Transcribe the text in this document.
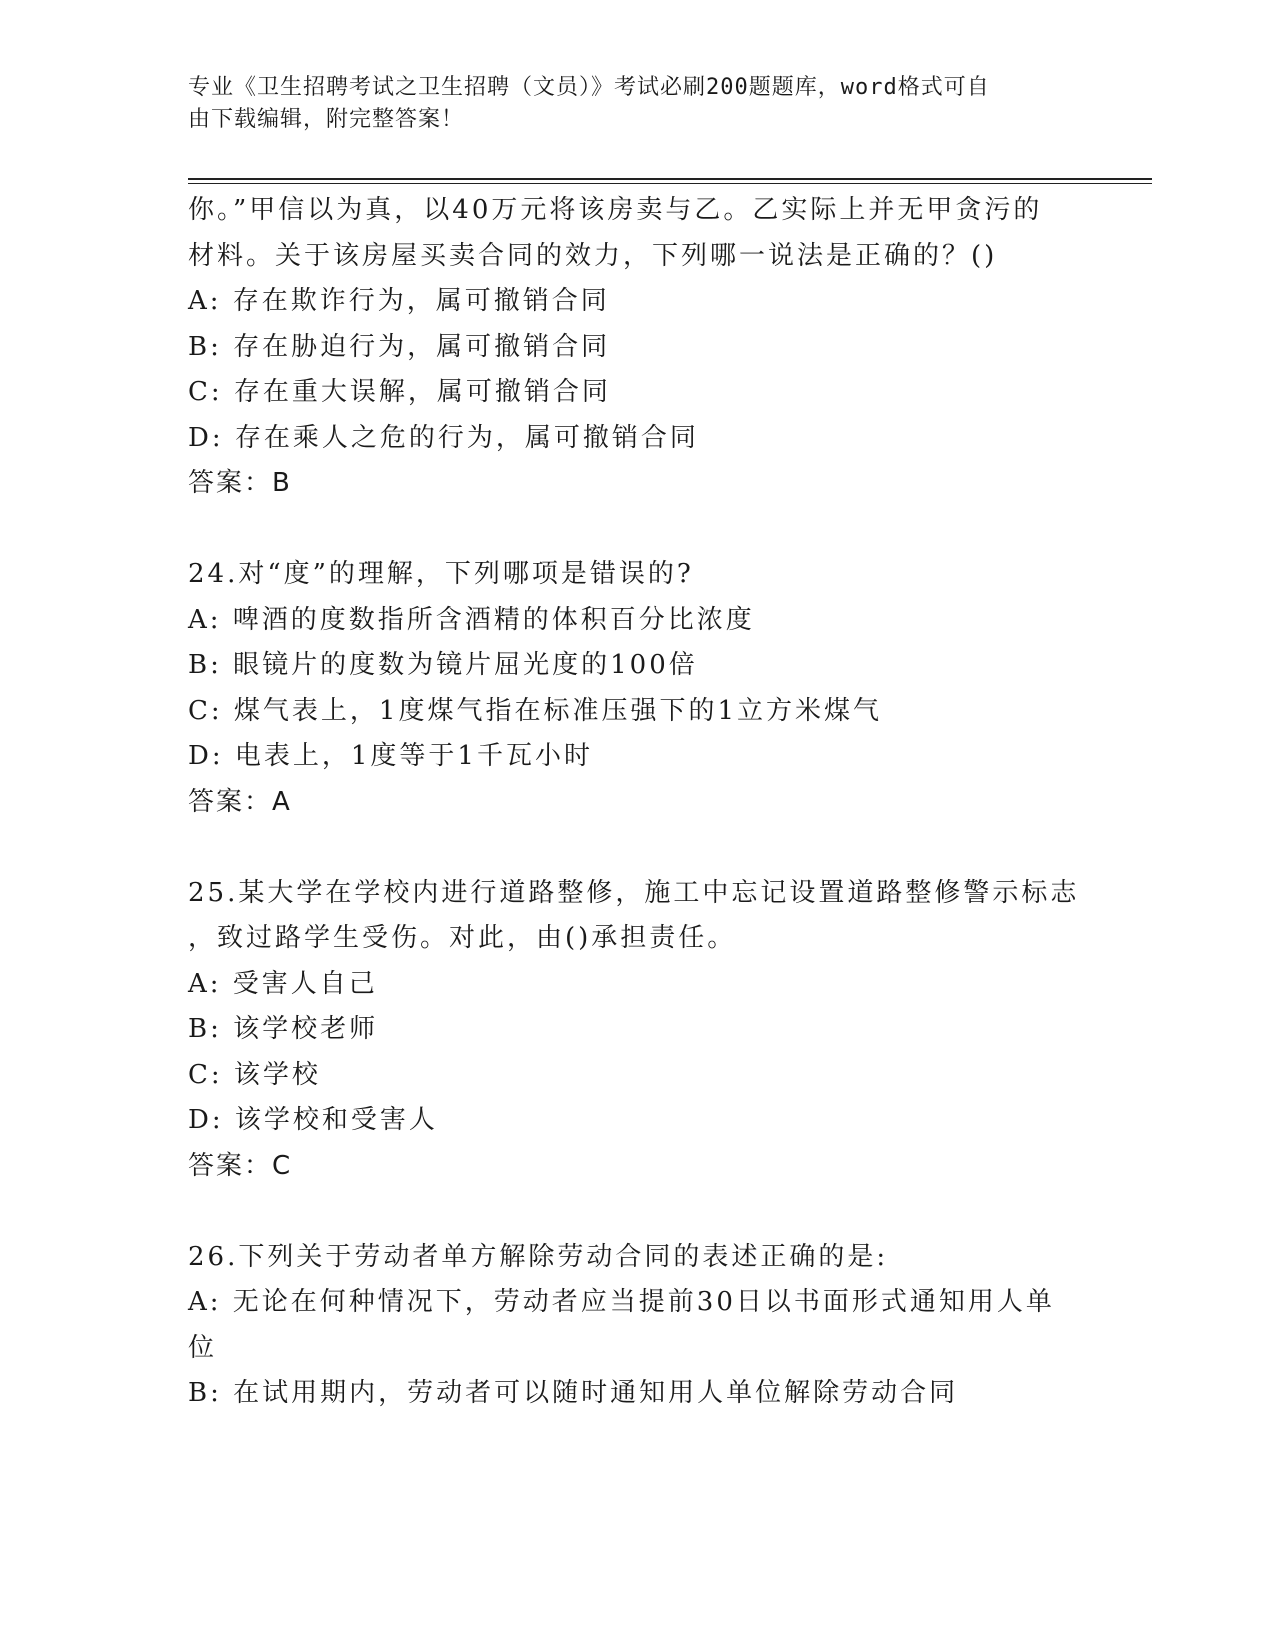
专业《卫生招聘考试之卫生招聘（文员）》考试必刷200题题库，word格式可自
由下载编辑，附完整答案！
你。”甲信以为真，以40万元将该房卖与乙。乙实际上并无甲贪污的
材料。关于该房屋买卖合同的效力，下列哪一说法是正确的？()
A: 存在欺诈行为，属可撤销合同
B: 存在胁迫行为，属可撤销合同
C: 存在重大误解，属可撤销合同
D: 存在乘人之危的行为，属可撤销合同
答案：B
24.对“度”的理解，下列哪项是错误的?
A: 啤酒的度数指所含酒精的体积百分比浓度
B: 眼镜片的度数为镜片屈光度的100倍
C: 煤气表上，1度煤气指在标准压强下的1立方米煤气
D: 电表上，1度等于1千瓦小时
答案：A
25.某大学在学校内进行道路整修，施工中忘记设置道路整修警示标志
，致过路学生受伤。对此，由()承担责任。
A: 受害人自己
B: 该学校老师
C: 该学校
D: 该学校和受害人
答案：C
26.下列关于劳动者单方解除劳动合同的表述正确的是:
A: 无论在何种情况下，劳动者应当提前30日以书面形式通知用人单
位
B: 在试用期内，劳动者可以随时通知用人单位解除劳动合同
